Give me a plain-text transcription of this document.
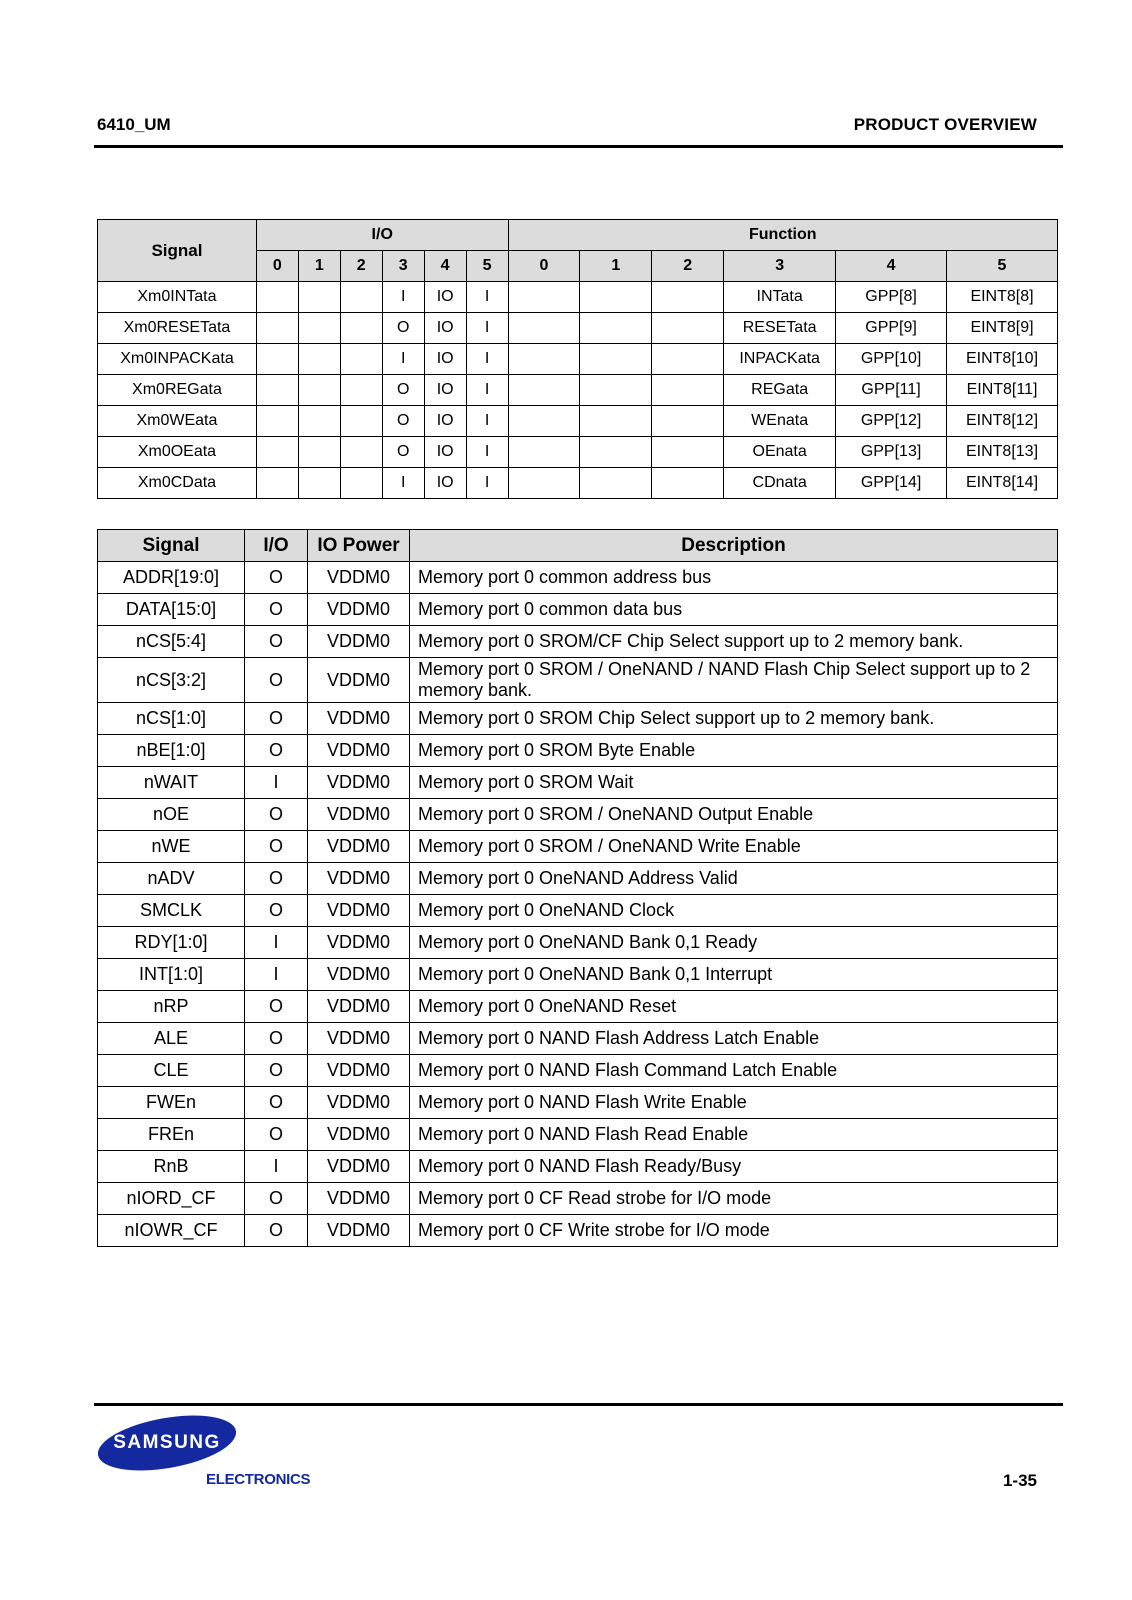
6410_UM	PRODUCT OVERVIEW
Signal	I/O						Function					
	0	1	2	3	4	5	0	1	2	3	4	5
Xm0INTata				I	IO	I				INTata	GPP[8]	EINT8[8]
Xm0RESETata				O	IO	I				RESETata	GPP[9]	EINT8[9]
Xm0INPACKata				I	IO	I				INPACKata	GPP[10]	EINT8[10]
Xm0REGata				O	IO	I				REGata	GPP[11]	EINT8[11]
Xm0WEata				O	IO	I				WEnata	GPP[12]	EINT8[12]
Xm0OEata				O	IO	I				OEnata	GPP[13]	EINT8[13]
Xm0CData				I	IO	I				CDnata	GPP[14]	EINT8[14]
Signal	I/O	IO Power	Description
ADDR[19:0]	O	VDDM0	Memory port 0 common address bus
DATA[15:0]	O	VDDM0	Memory port 0 common data bus
nCS[5:4]	O	VDDM0	Memory port 0 SROM/CF Chip Select support up to 2 memory bank.
nCS[3:2]	O	VDDM0	Memory port 0 SROM / OneNAND / NAND Flash Chip Select support up to 2 memory bank.
nCS[1:0]	O	VDDM0	Memory port 0 SROM Chip Select support up to 2 memory bank.
nBE[1:0]	O	VDDM0	Memory port 0 SROM Byte Enable
nWAIT	I	VDDM0	Memory port 0 SROM Wait
nOE	O	VDDM0	Memory port 0 SROM / OneNAND Output Enable
nWE	O	VDDM0	Memory port 0 SROM / OneNAND Write Enable
nADV	O	VDDM0	Memory port 0 OneNAND Address Valid
SMCLK	O	VDDM0	Memory port 0 OneNAND Clock
RDY[1:0]	I	VDDM0	Memory port 0 OneNAND Bank 0,1 Ready
INT[1:0]	I	VDDM0	Memory port 0 OneNAND Bank 0,1 Interrupt
nRP	O	VDDM0	Memory port 0 OneNAND Reset
ALE	O	VDDM0	Memory port 0 NAND Flash Address Latch Enable
CLE	O	VDDM0	Memory port 0 NAND Flash Command Latch Enable
FWEn	O	VDDM0	Memory port 0 NAND Flash Write Enable
FREn	O	VDDM0	Memory port 0 NAND Flash Read Enable
RnB	I	VDDM0	Memory port 0 NAND Flash Ready/Busy
nIORD_CF	O	VDDM0	Memory port 0 CF Read strobe for I/O mode
nIOWR_CF	O	VDDM0	Memory port 0 CF Write strobe for I/O mode
SAMSUNG
ELECTRONICS	1-35
